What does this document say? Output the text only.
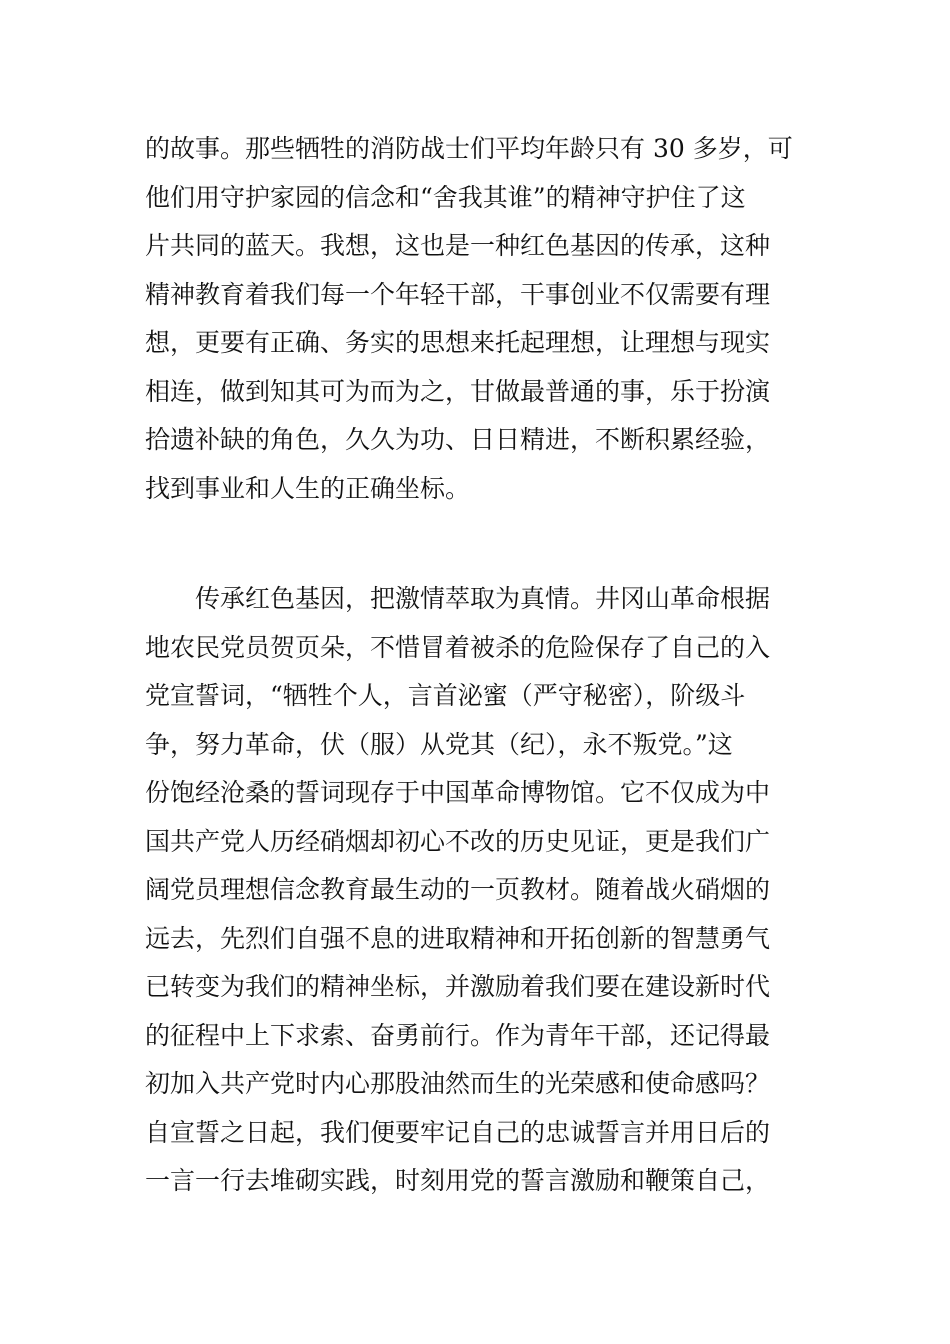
的故事。那些牺牲的消防战士们平均年龄只有 30 多岁，可
他们用守护家园的信念和“舍我其谁”的精神守护住了这
片共同的蓝天。我想，这也是一种红色基因的传承，这种
精神教育着我们每一个年轻干部，干事创业不仅需要有理
想，更要有正确、务实的思想来托起理想，让理想与现实
相连，做到知其可为而为之，甘做最普通的事，乐于扮演
拾遗补缺的角色，久久为功、日日精进，不断积累经验，
找到事业和人生的正确坐标。
传承红色基因，把激情萃取为真情。井冈山革命根据
地农民党员贺页朵，不惜冒着被杀的危险保存了自己的入
党宣誓词，“牺牲个人，言首泌蜜（严守秘密），阶级斗
争，努力革命，伏（服）从党其（纪），永不叛党。”这
份饱经沧桑的誓词现存于中国革命博物馆。它不仅成为中
国共产党人历经硝烟却初心不改的历史见证，更是我们广
阔党员理想信念教育最生动的一页教材。随着战火硝烟的
远去，先烈们自强不息的进取精神和开拓创新的智慧勇气
已转变为我们的精神坐标，并激励着我们要在建设新时代
的征程中上下求索、奋勇前行。作为青年干部，还记得最
初加入共产党时内心那股油然而生的光荣感和使命感吗？
自宣誓之日起，我们便要牢记自己的忠诚誓言并用日后的
一言一行去堆砌实践，时刻用党的誓言激励和鞭策自己，
